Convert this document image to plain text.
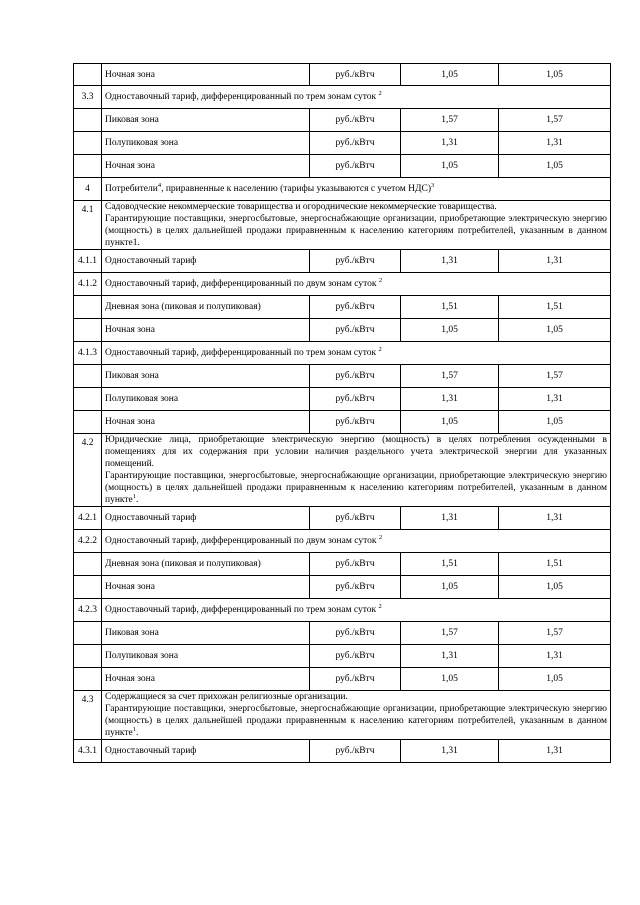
	Ночная зона	руб./кВтч	1,05	1,05
3.3	Одноставочный тариф, дифференцированный по трем зонам суток $^2$
	Пиковая зона	руб./кВтч	1,57	1,57
	Полупиковая зона	руб./кВтч	1,31	1,31
	Ночная зона	руб./кВтч	1,05	1,05
4	Потребители$^4$, приравненные к населению (тарифы указываются с учетом НДС)$^3$
4.1	Садоводческие некоммерческие товарищества и огороднические некоммерческие товарищества.
Гарантирующие поставщики, энергосбытовые, энергоснабжающие организации, приобретающие электрическую энергию (мощность) в целях дальнейшей продажи приравненным к населению категориям потребителей, указанным в данном пункте1.			

4.1.1	Одноставочный тариф	руб./кВтч	1,31	1,31
4.1.2	Одноставочный тариф, дифференцированный по двум зонам суток $^2$
	Дневная зона (пиковая и полупиковая)	руб./кВтч	1,51	1,51
	Ночная зона	руб./кВтч	1,05	1,05
4.1.3	Одноставочный тариф, дифференцированный по трем зонам суток $^2$
	Пиковая зона	руб./кВтч	1,57	1,57
	Полупиковая зона	руб./кВтч	1,31	1,31
	Ночная зона	руб./кВтч	1,05	1,05
4.2	Юридические лица, приобретающие электрическую энергию (мощность) в целях потребления осужденными в помещениях для их содержания при условии наличия раздельного учета электрической энергии для указанных помещений.
Гарантирующие поставщики, энергосбытовые, энергоснабжающие организации, приобретающие электрическую энергию (мощность) в целях дальнейшей продажи приравненным к населению категориям потребителей, указанным в данном пункте$^1$.			

4.2.1	Одноставочный тариф	руб./кВтч	1,31	1,31
4.2.2	Одноставочный тариф, дифференцированный по двум зонам суток $^2$
	Дневная зона (пиковая и полупиковая)	руб./кВтч	1,51	1,51
	Ночная зона	руб./кВтч	1,05	1,05
4.2.3	Одноставочный тариф, дифференцированный по трем зонам суток $^2$
	Пиковая зона	руб./кВтч	1,57	1,57
	Полупиковая зона	руб./кВтч	1,31	1,31
	Ночная зона	руб./кВтч	1,05	1,05
4.3	Содержащиеся за счет прихожан религиозные организации.
Гарантирующие поставщики, энергосбытовые, энергоснабжающие организации, приобретающие электрическую энергию (мощность) в целях дальнейшей продажи приравненным к населению категориям потребителей, указанным в данном пункте$^1$.			

4.3.1	Одноставочный тариф	руб./кВтч	1,31	1,31
